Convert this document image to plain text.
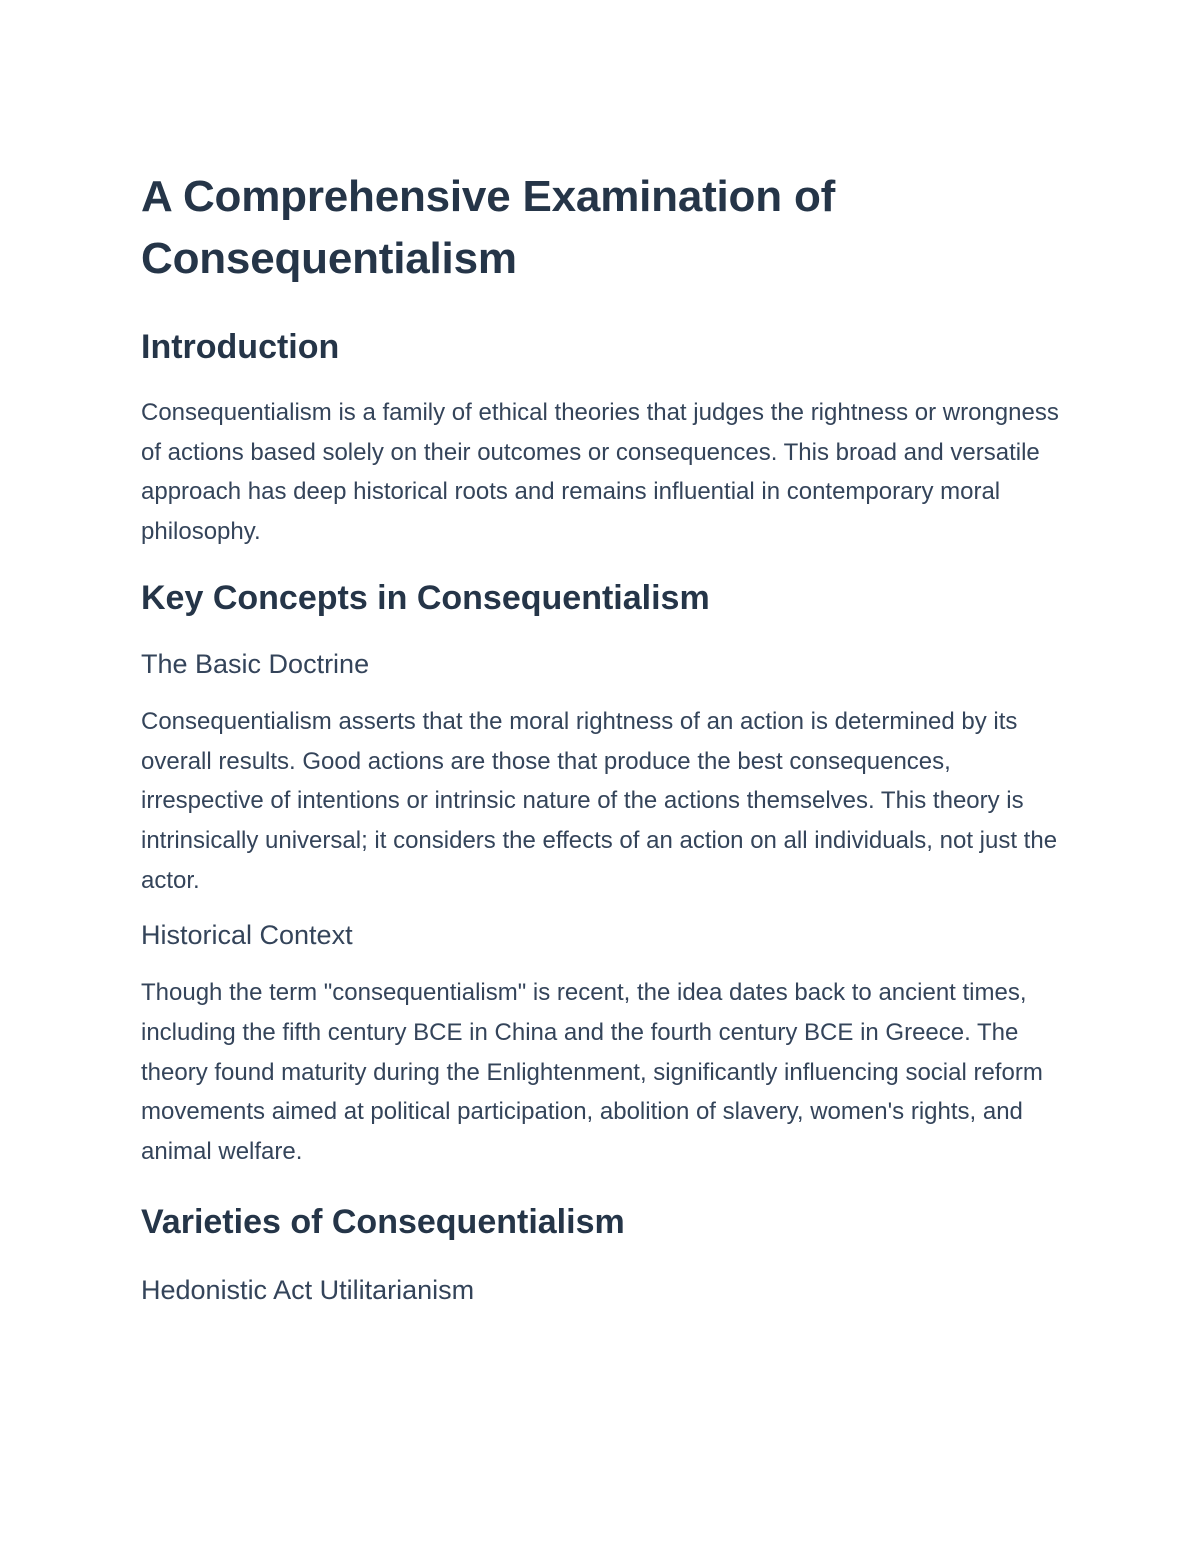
A Comprehensive Examination of Consequentialism
Introduction

Consequentialism is a family of ethical theories that judges the rightness or wrongness of actions based solely on their outcomes or consequences. This broad and versatile approach has deep historical roots and remains influential in contemporary moral philosophy.

Key Concepts in Consequentialism
The Basic Doctrine

Consequentialism asserts that the moral rightness of an action is determined by its overall results. Good actions are those that produce the best consequences, irrespective of intentions or intrinsic nature of the actions themselves. This theory is intrinsically universal; it considers the effects of an action on all individuals, not just the actor.

Historical Context

Though the term "consequentialism" is recent, the idea dates back to ancient times, including the fifth century BCE in China and the fourth century BCE in Greece. The theory found maturity during the Enlightenment, significantly influencing social reform movements aimed at political participation, abolition of slavery, women's rights, and animal welfare.

Varieties of Consequentialism
Hedonistic Act Utilitarianism
